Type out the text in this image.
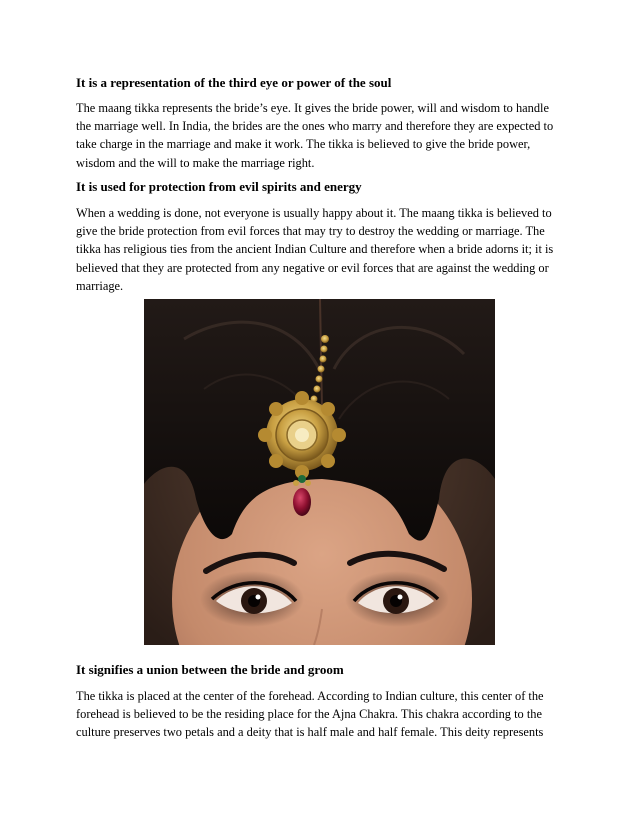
It is a representation of the third eye or power of the soul

The maang tikka represents the bride’s eye. It gives the bride power, will and wisdom to handle
the marriage well. In India, the brides are the ones who marry and therefore they are expected to
take charge in the marriage and make it work. The tikka is believed to give the bride power,
wisdom and the will to make the marriage right.

It is used for protection from evil spirits and energy

When a wedding is done, not everyone is usually happy about it. The maang tikka is believed to
give the bride protection from evil forces that may try to destroy the wedding or marriage. The
tikka has religious ties from the ancient Indian Culture and therefore when a bride adorns it; it is
believed that they are protected from any negative or evil forces that are against the wedding or
marriage.

It signifies a union between the bride and groom

The tikka is placed at the center of the forehead. According to Indian culture, this center of the
forehead is believed to be the residing place for the Ajna Chakra. This chakra according to the
culture preserves two petals and a deity that is half male and half female. This deity represents
